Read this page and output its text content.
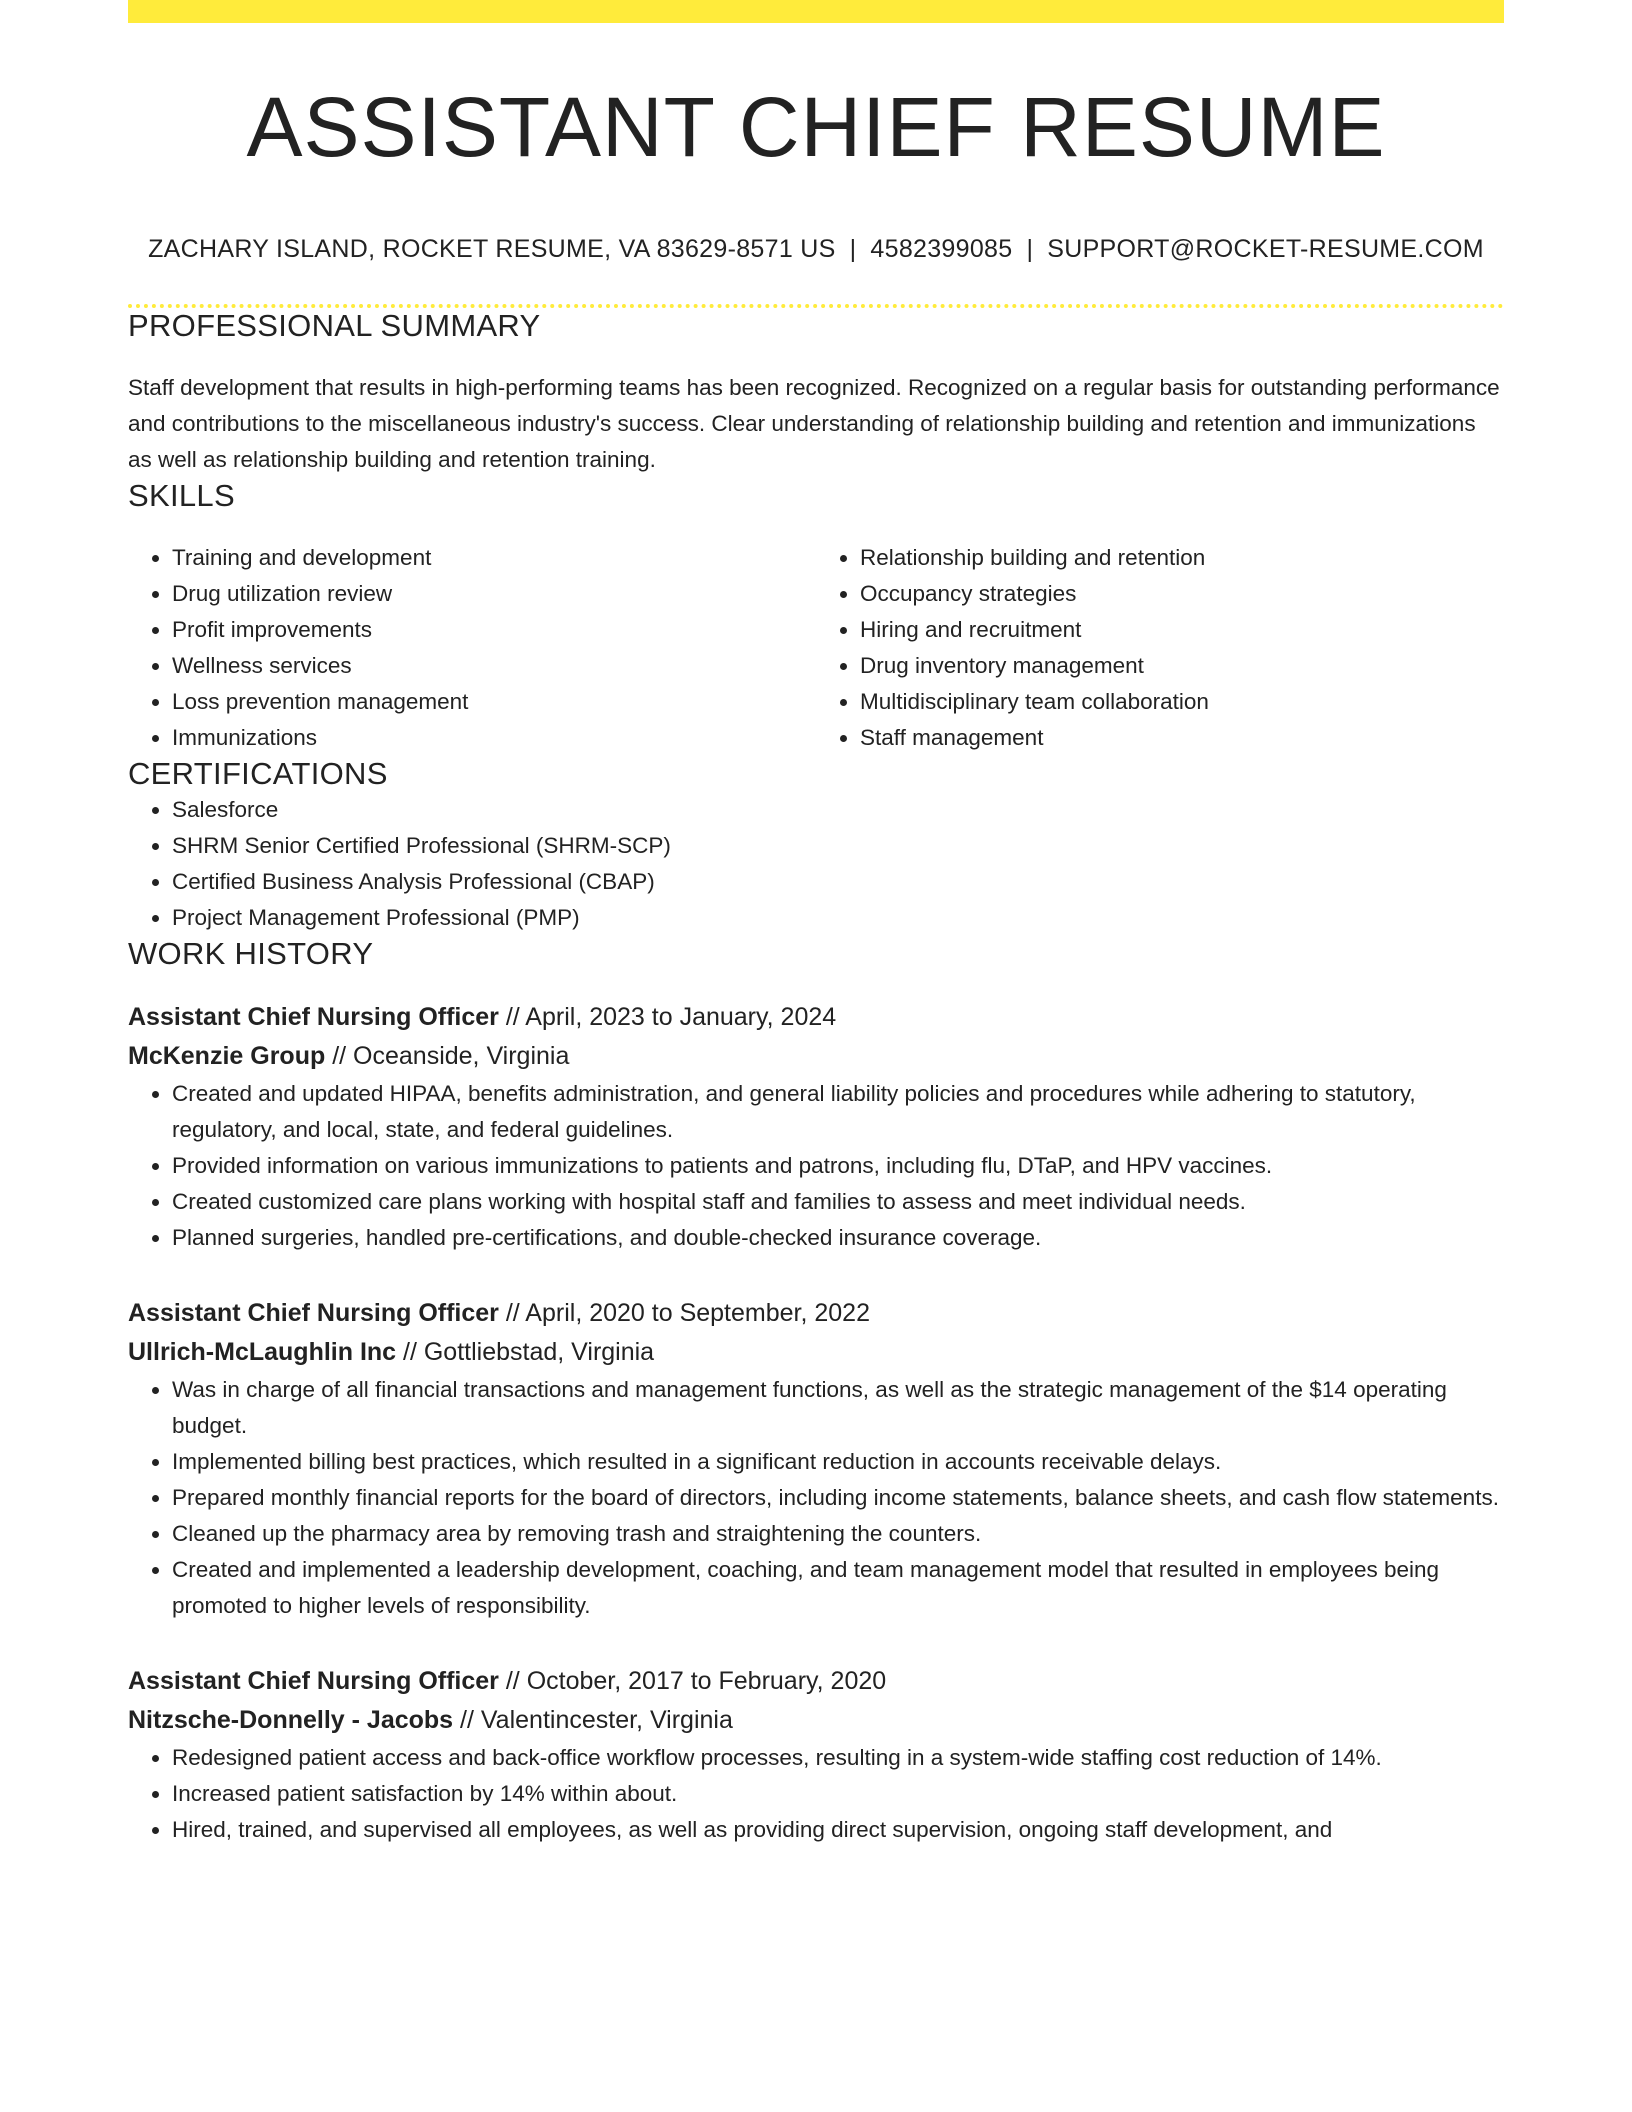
ASSISTANT CHIEF RESUME
ZACHARY ISLAND, ROCKET RESUME, VA 83629-8571 US | 4582399085 | SUPPORT@ROCKET-RESUME.COM
PROFESSIONAL SUMMARY

Staff development that results in high-performing teams has been recognized. Recognized on a regular basis for outstanding performance and contributions to the miscellaneous industry's success. Clear understanding of relationship building and retention and immunizations as well as relationship building and retention training.

SKILLS
• Training and development
• Drug utilization review
• Profit improvements
• Wellness services
• Loss prevention management
• Immunizations
• Relationship building and retention
• Occupancy strategies
• Hiring and recruitment
• Drug inventory management
• Multidisciplinary team collaboration
• Staff management
CERTIFICATIONS
• Salesforce
• SHRM Senior Certified Professional (SHRM-SCP)
• Certified Business Analysis Professional (CBAP)
• Project Management Professional (PMP)
WORK HISTORY
Assistant Chief Nursing Officer // April, 2023 to January, 2024
McKenzie Group // Oceanside, Virginia
• Created and updated HIPAA, benefits administration, and general liability policies and procedures while adhering to statutory, regulatory, and local, state, and federal guidelines.
• Provided information on various immunizations to patients and patrons, including flu, DTaP, and HPV vaccines.
• Created customized care plans working with hospital staff and families to assess and meet individual needs.
• Planned surgeries, handled pre-certifications, and double-checked insurance coverage.
Assistant Chief Nursing Officer // April, 2020 to September, 2022
Ullrich-McLaughlin Inc // Gottliebstad, Virginia
• Was in charge of all financial transactions and management functions, as well as the strategic management of the $14 operating budget.
• Implemented billing best practices, which resulted in a significant reduction in accounts receivable delays.
• Prepared monthly financial reports for the board of directors, including income statements, balance sheets, and cash flow statements.
• Cleaned up the pharmacy area by removing trash and straightening the counters.
• Created and implemented a leadership development, coaching, and team management model that resulted in employees being promoted to higher levels of responsibility.
Assistant Chief Nursing Officer // October, 2017 to February, 2020
Nitzsche-Donnelly - Jacobs // Valentincester, Virginia
• Redesigned patient access and back-office workflow processes, resulting in a system-wide staffing cost reduction of 14%.
• Increased patient satisfaction by 14% within about.
• Hired, trained, and supervised all employees, as well as providing direct supervision, ongoing staff development, and
